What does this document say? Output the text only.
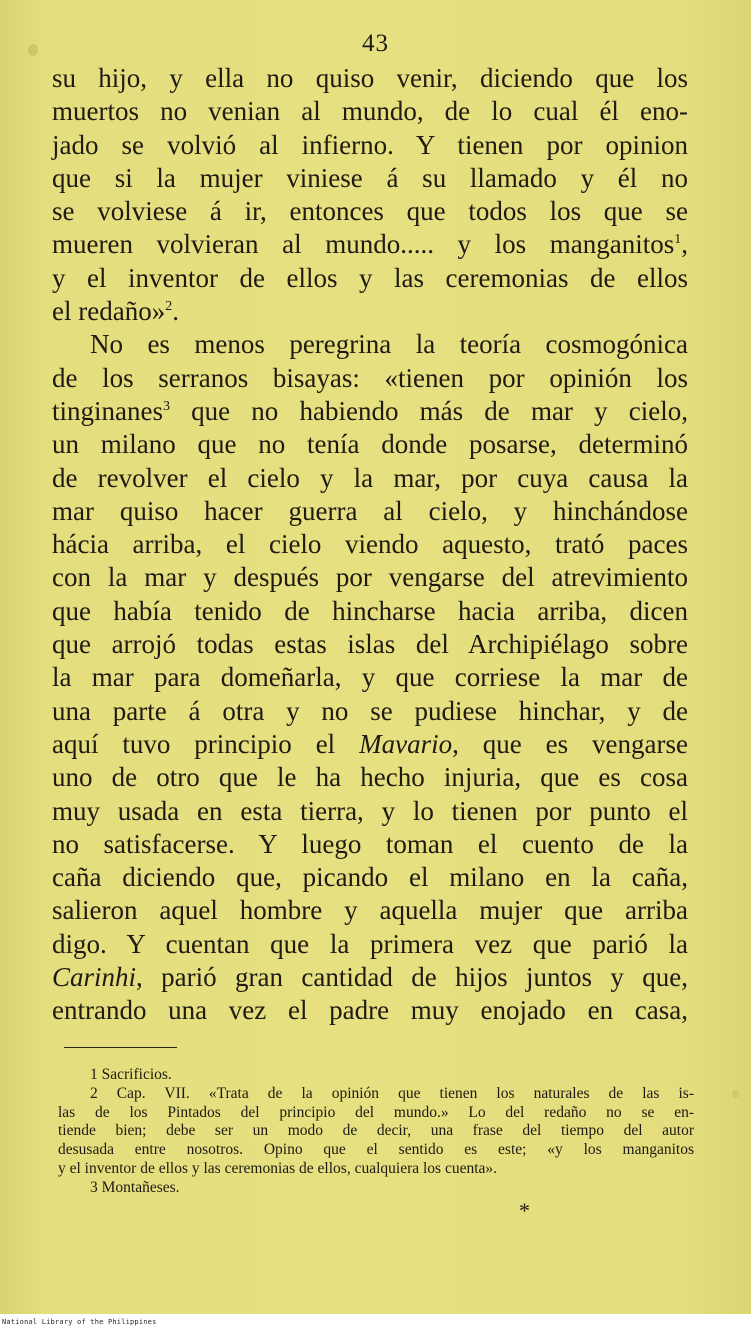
43
su hijo, y ella no quiso venir, diciendo que los
muertos no venian al mundo, de lo cual él eno-
jado se volvió al infierno. Y tienen por opinion
que si la mujer viniese á su llamado y él no
se volviese á ir, entonces que todos los que se
mueren volvieran al mundo..... y los manganitos$^1$,
y el inventor de ellos y las ceremonias de ellos
el redaño»$^2$.
No es menos peregrina la teoría cosmogónica
de los serranos bisayas: «tienen por opinión los
tinginanes$^3$ que no habiendo más de mar y cielo,
un milano que no tenía donde posarse, determinó
de revolver el cielo y la mar, por cuya causa la
mar quiso hacer guerra al cielo, y hinchándose
hácia arriba, el cielo viendo aquesto, trató paces
con la mar y después por vengarse del atrevimiento
que había tenido de hincharse hacia arriba, dicen
que arrojó todas estas islas del Archipiélago sobre
la mar para domeñarla, y que corriese la mar de
una parte á otra y no se pudiese hinchar, y de
aquí tuvo principio el Mavario, que es vengarse
uno de otro que le ha hecho injuria, que es cosa
muy usada en esta tierra, y lo tienen por punto el
no satisfacerse. Y luego toman el cuento de la
caña diciendo que, picando el milano en la caña,
salieron aquel hombre y aquella mujer que arriba
digo. Y cuentan que la primera vez que parió la
Carinhi, parió gran cantidad de hijos juntos y que,
entrando una vez el padre muy enojado en casa,
1 Sacrificios.
2 Cap. VII. «Trata de la opinión que tienen los naturales de las is-
las de los Pintados del principio del mundo.» Lo del redaño no se en-
tiende bien; debe ser un modo de decir, una frase del tiempo del autor
desusada entre nosotros. Opino que el sentido es este; «y los manganitos
y el inventor de ellos y las ceremonias de ellos, cualquiera los cuenta».
3 Montañeses.
*
National Library of the Philippines
